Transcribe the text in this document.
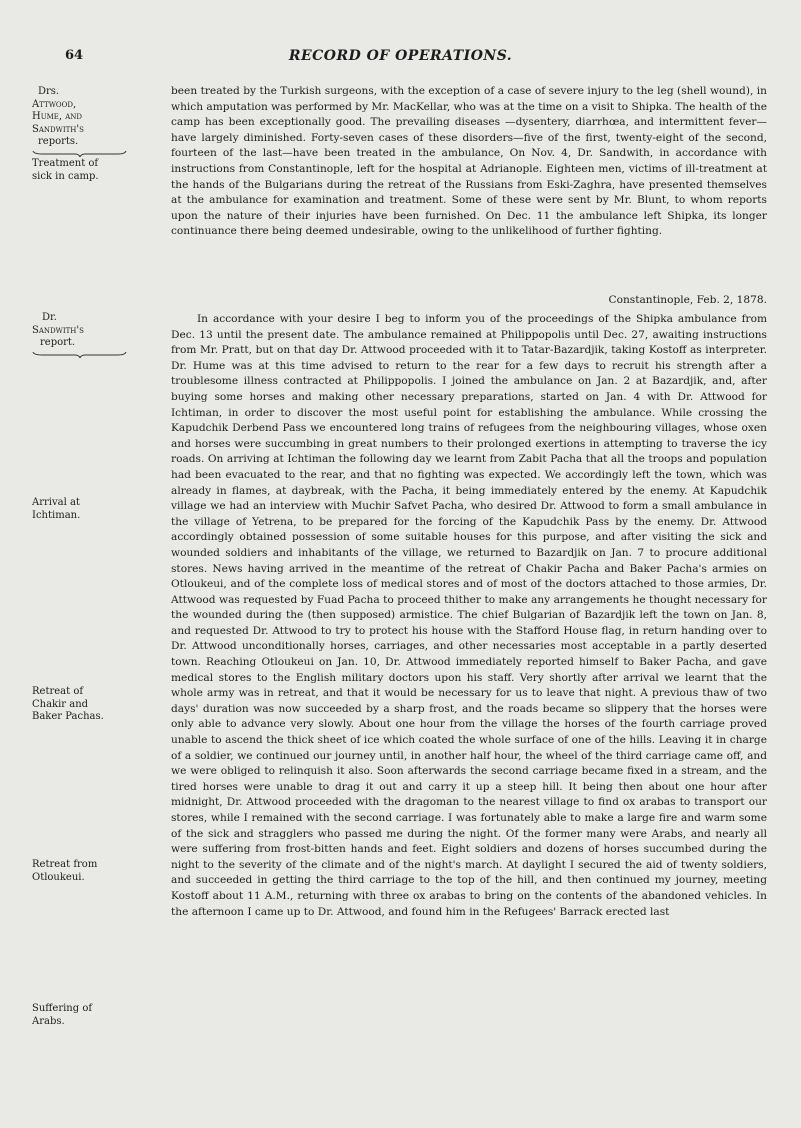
64	RECORD OF OPERATIONS.
Drs.
Attwood,
Hume, and
Sandwith's
reports.
Treatment of
sick in camp.

been treated by the Turkish surgeons, with the exception of a case of severe injury to the leg (shell wound), in which amputation was performed by Mr. MacKellar, who was at the time on a visit to Shipka. The health of the camp has been exceptionally good. The prevailing diseases —dysentery, diarrhœa, and intermittent fever—have largely diminished. Forty-seven cases of these disorders—five of the first, twenty-eight of the second, fourteen of the last—have been treated in the ambulance, On Nov. 4, Dr. Sandwith, in accordance with instructions from Constantinople, left for the hospital at Adrianople. Eighteen men, victims of ill-treatment at the hands of the Bulgarians during the retreat of the Russians from Eski-Zaghra, have presented themselves at the ambulance for examination and treatment. Some of these were sent by Mr. Blunt, to whom reports upon the nature of their injuries have been furnished. On Dec. 11 the ambulance left Shipka, its longer continuance there being deemed undesirable, owing to the unlikelihood of further fighting.

Constantinople, Feb. 2, 1878.
Dr.
Sandwith's
report.
Arrival at
Ichtiman.
Retreat of
Chakir and
Baker Pachas.
Retreat from
Otloukeui.
Suffering of
Arabs.

In accordance with your desire I beg to inform you of the proceedings of the Shipka ambulance from Dec. 13 until the present date. The ambulance remained at Philippopolis until Dec. 27, awaiting instructions from Mr. Pratt, but on that day Dr. Attwood proceeded with it to Tatar-Bazardjik, taking Kostoff as interpreter. Dr. Hume was at this time advised to return to the rear for a few days to recruit his strength after a troublesome illness contracted at Philippopolis. I joined the ambulance on Jan. 2 at Bazardjik, and, after buying some horses and making other necessary preparations, started on Jan. 4 with Dr. Attwood for Ichtiman, in order to discover the most useful point for establishing the ambulance. While crossing the Kapudchik Derbend Pass we encountered long trains of refugees from the neighbouring villages, whose oxen and horses were succumbing in great numbers to their prolonged exertions in attempting to traverse the icy roads. On arriving at Ichtiman the following day we learnt from Zabit Pacha that all the troops and population had been evacuated to the rear, and that no fighting was expected. We accordingly left the town, which was already in flames, at daybreak, with the Pacha, it being immediately entered by the enemy. At Kapudchik village we had an interview with Muchir Safvet Pacha, who desired Dr. Attwood to form a small ambulance in the village of Yetrena, to be prepared for the forcing of the Kapudchik Pass by the enemy. Dr. Attwood accordingly obtained possession of some suitable houses for this purpose, and after visiting the sick and wounded soldiers and inhabitants of the village, we returned to Bazardjik on Jan. 7 to procure additional stores. News having arrived in the meantime of the retreat of Chakir Pacha and Baker Pacha's armies on Otloukeui, and of the complete loss of medical stores and of most of the doctors attached to those armies, Dr. Attwood was requested by Fuad Pacha to proceed thither to make any arrangements he thought necessary for the wounded during the (then supposed) armistice. The chief Bulgarian of Bazardjik left the town on Jan. 8, and requested Dr. Attwood to try to protect his house with the Stafford House flag, in return handing over to Dr. Attwood unconditionally horses, carriages, and other necessaries most acceptable in a partly deserted town. Reaching Otloukeui on Jan. 10, Dr. Attwood immediately reported himself to Baker Pacha, and gave medical stores to the English military doctors upon his staff. Very shortly after arrival we learnt that the whole army was in retreat, and that it would be necessary for us to leave that night. A previous thaw of two days' duration was now succeeded by a sharp frost, and the roads became so slippery that the horses were only able to advance very slowly. About one hour from the village the horses of the fourth carriage proved unable to ascend the thick sheet of ice which coated the whole surface of one of the hills. Leaving it in charge of a soldier, we continued our journey until, in another half hour, the wheel of the third carriage came off, and we were obliged to relinquish it also. Soon afterwards the second carriage became fixed in a stream, and the tired horses were unable to drag it out and carry it up a steep hill. It being then about one hour after midnight, Dr. Attwood proceeded with the dragoman to the nearest village to find ox arabas to transport our stores, while I remained with the second carriage. I was fortunately able to make a large fire and warm some of the sick and stragglers who passed me during the night. Of the former many were Arabs, and nearly all were suffering from frost-bitten hands and feet. Eight soldiers and dozens of horses succumbed during the night to the severity of the climate and of the night's march. At daylight I secured the aid of twenty soldiers, and succeeded in getting the third carriage to the top of the hill, and then continued my journey, meeting Kostoff about 11 A.M., returning with three ox arabas to bring on the contents of the abandoned vehicles. In the afternoon I came up to Dr. Attwood, and found him in the Refugees' Barrack erected last
